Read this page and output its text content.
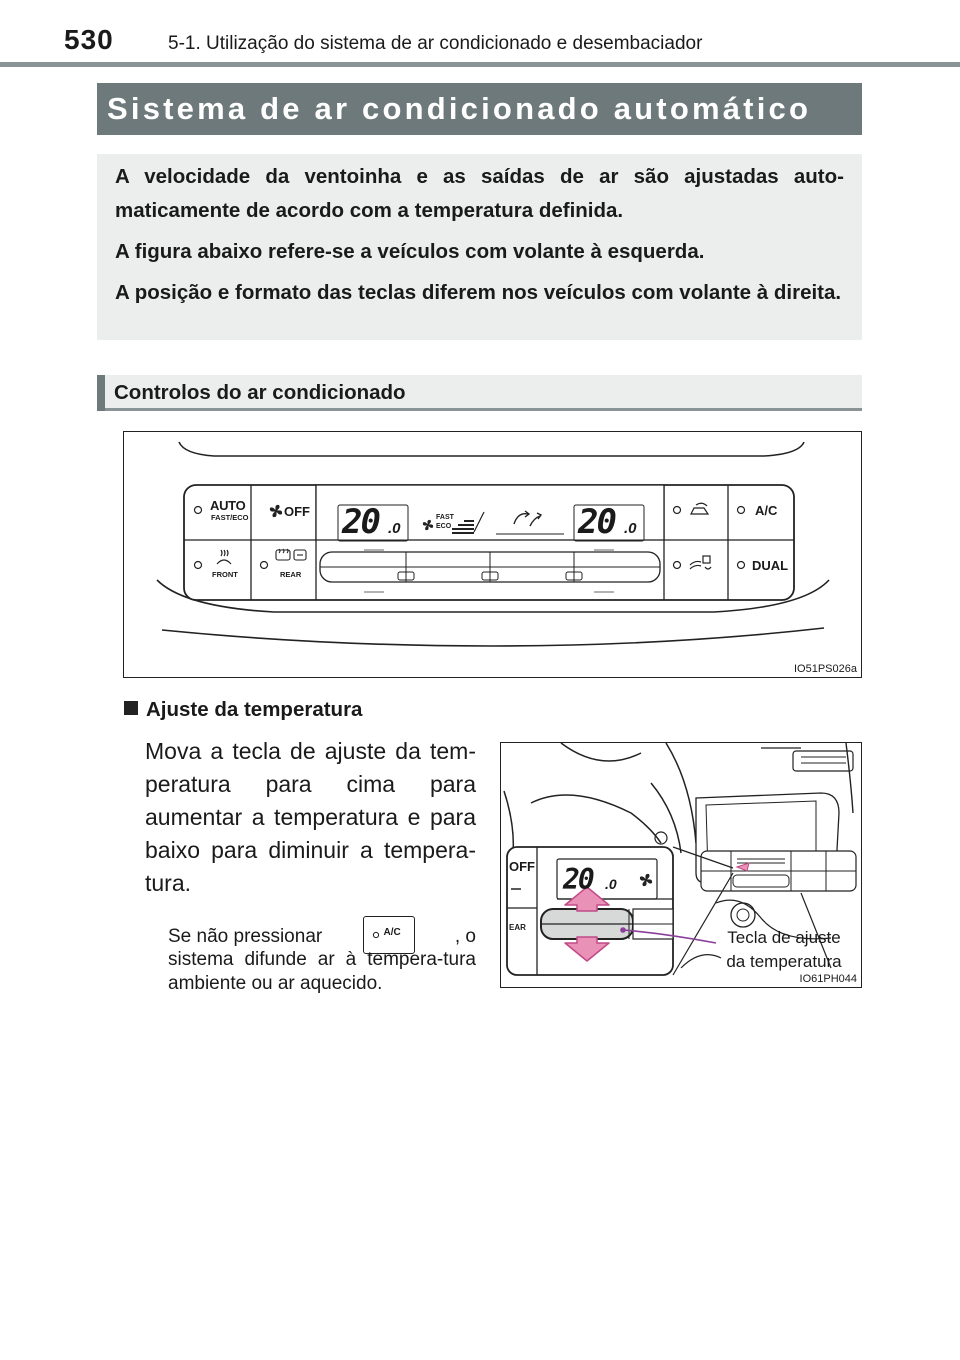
530	5-1. Utilização do sistema de ar condicionado e desembaciador
Sistema de ar condicionado automático

A velocidade da ventoinha e as saídas de ar são ajustadas auto-maticamente de acordo com a temperatura definida.

A figura abaixo refere-se a veículos com volante à esquerda.

A posição e formato das teclas diferem nos veículos com volante à direita.

Controlos do ar condicionado
AUTO
FAST/ECO	OFF
FRONT	REAR
A/C
DUAL
20 .0	20 .0
FAST
ECO
IO51PS026a
Ajuste da temperatura
Mova a tecla de ajuste da tem-peratura para cima para aumentar a temperatura e para baixo para diminuir a tempera-tura.
Se não pressionar	A/C	, o
sistema difunde ar à tempera-tura ambiente ou ar aquecido.
20 .0
OFF
EAR
Tecla de ajuste
da temperatura
IO61PH044
